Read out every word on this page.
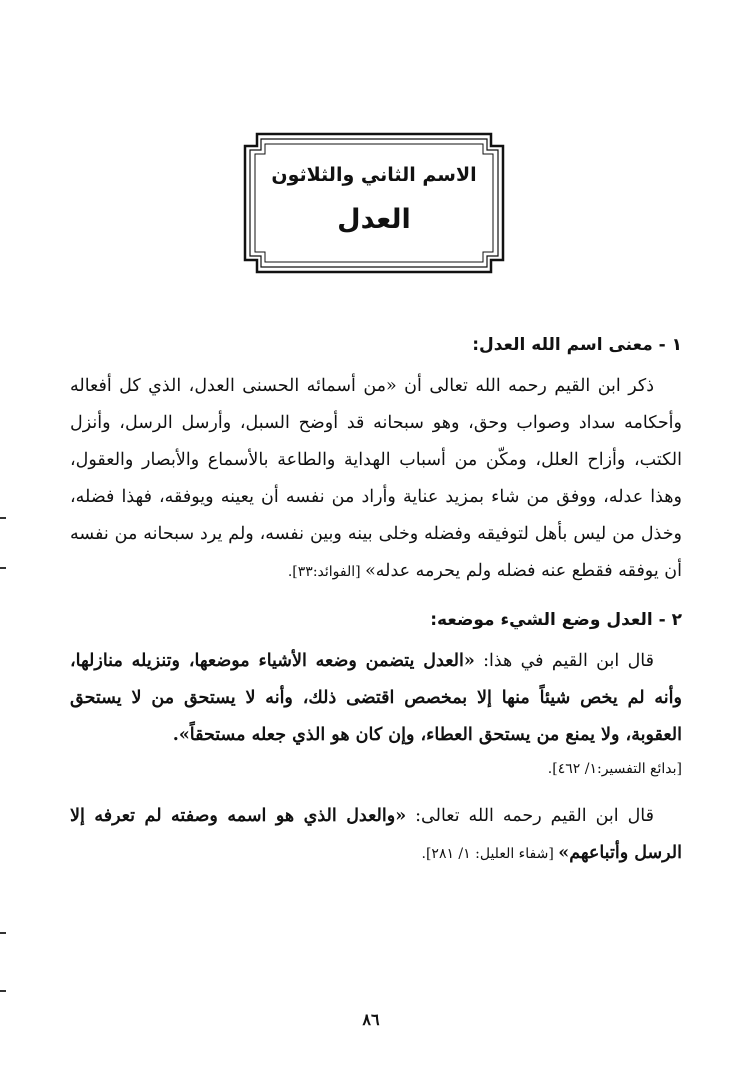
الاسم الثاني والثلاثون
العدل

١ - معنى اسم الله العدل:

ذكر ابن القيم رحمه الله تعالى أن «من أسمائه الحسنى العدل، الذي كل أفعاله وأحكامه سداد وصواب وحق، وهو سبحانه قد أوضح السبل، وأرسل الرسل، وأنزل الكتب، وأزاح العلل، ومكّن من أسباب الهداية والطاعة بالأسماع والأبصار والعقول، وهذا عدله، ووفق من شاء بمزيد عناية وأراد من نفسه أن يعينه ويوفقه، فهذا فضله، وخذل من ليس بأهل لتوفيقه وفضله وخلى بينه وبين نفسه، ولم يرد سبحانه من نفسه أن يوفقه فقطع عنه فضله ولم يحرمه عدله» [الفوائد:٣٣].

٢ - العدل وضع الشيء موضعه:

قال ابن القيم في هذا: «العدل يتضمن وضعه الأشياء موضعها، وتنزيله منازلها، وأنه لم يخص شيئاً منها إلا بمخصص اقتضى ذلك، وأنه لا يستحق من لا يستحق العقوبة، ولا يمنع من يستحق العطاء، وإن كان هو الذي جعله مستحقاً».

[بدائع التفسير:١/ ٤٦٢].

قال ابن القيم رحمه الله تعالى: «والعدل الذي هو اسمه وصفته لم تعرفه إلا الرسل وأتباعهم» [شفاء العليل: ١/ ٢٨١].

٨٦
